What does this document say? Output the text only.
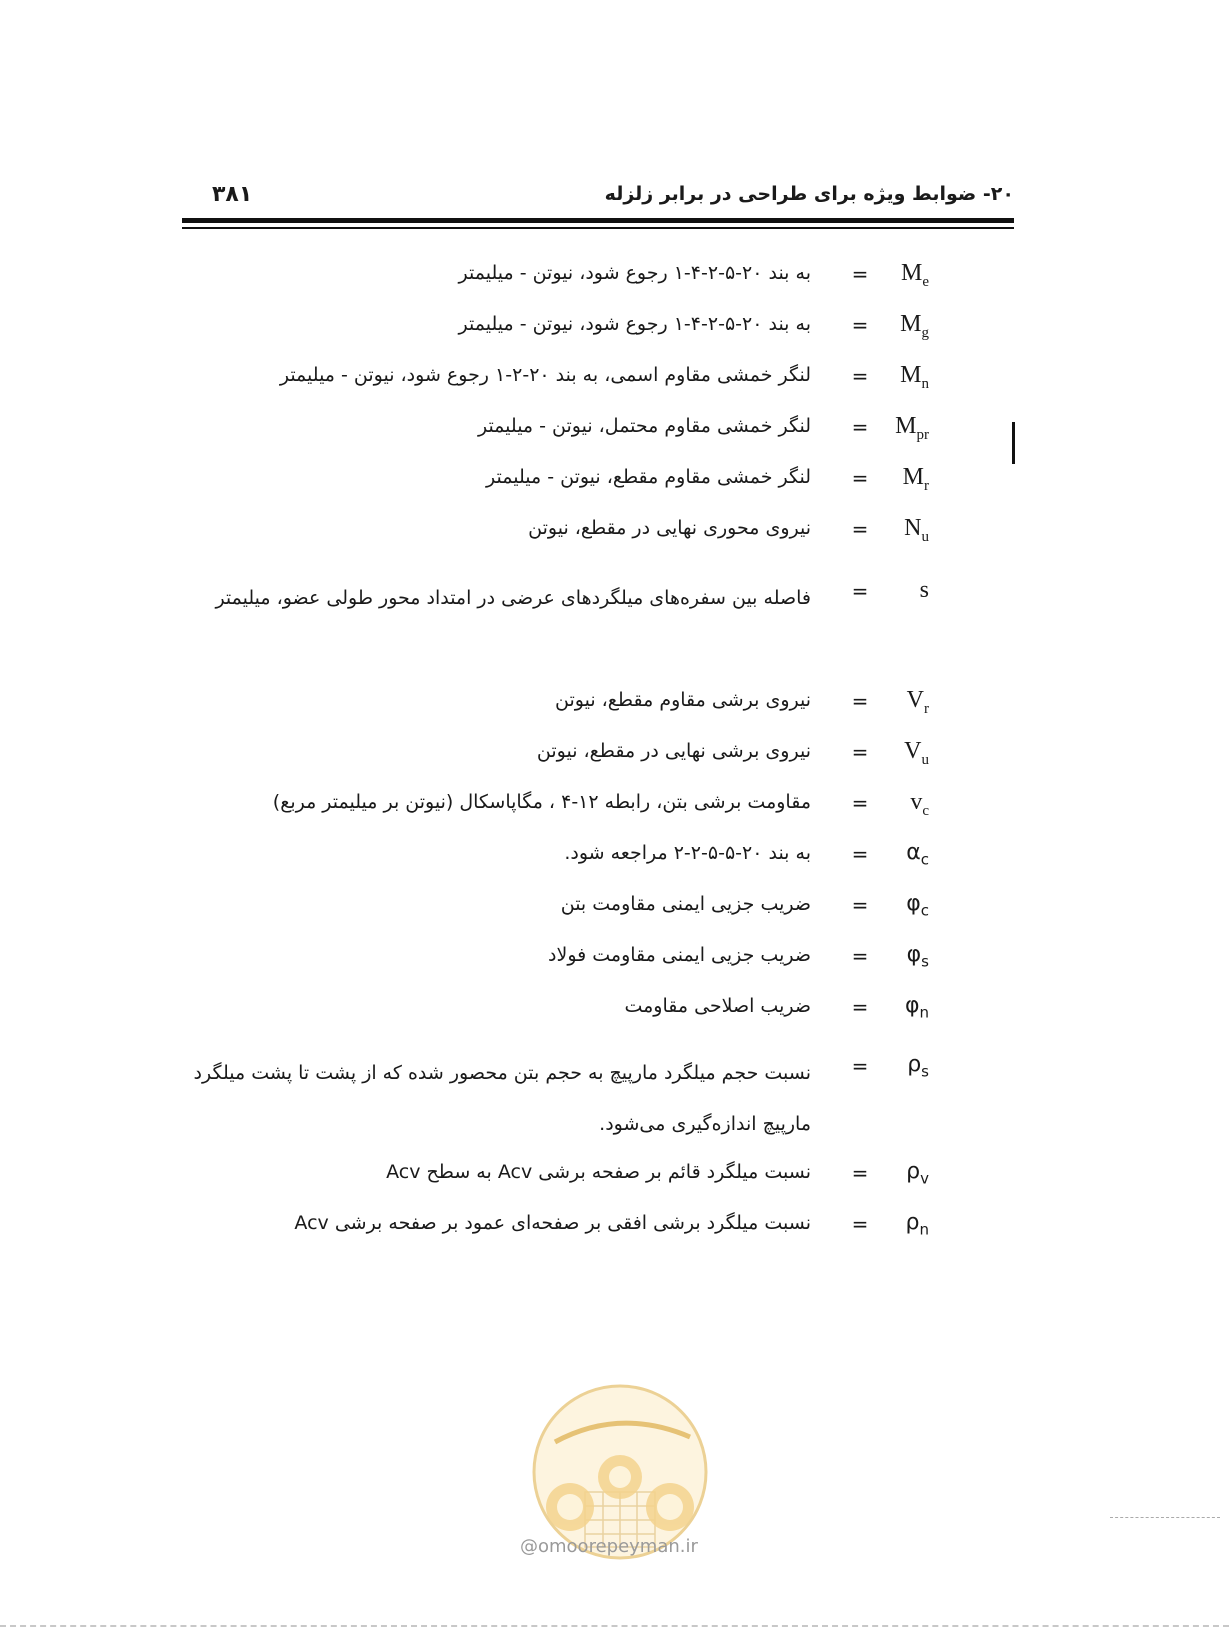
۳۸۱	۲۰- ضوابط ویژه برای طراحی در برابر زلزله
$M_e$
=
به بند ۲۰-۵-۲-۴-۱ رجوع شود، نیوتن - میلیمتر
$M_g$
=
به بند ۲۰-۵-۲-۴-۱ رجوع شود، نیوتن - میلیمتر
$M_n$
=
لنگر خمشی مقاوم اسمی، به بند ۲۰-۲-۱ رجوع شود، نیوتن - میلیمتر
$M_{pr}$
=
لنگر خمشی مقاوم محتمل، نیوتن - میلیمتر
$M_r$
=
لنگر خمشی مقاوم مقطع، نیوتن - میلیمتر
$N_u$
=
نیروی محوری نهایی در مقطع، نیوتن
s
=
فاصله بین سفره‌های میلگردهای عرضی در امتداد محور طولی عضو، میلیمتر
$V_r$
=
نیروی برشی مقاوم مقطع، نیوتن
$V_u$
=
نیروی برشی نهایی در مقطع، نیوتن
$v_c$
=
مقاومت برشی بتن، رابطه ۱۲-۴ ، مگاپاسکال (نیوتن بر میلیمتر مربع)
$\alpha_c$
=
به بند ۲۰-۵-۵-۲-۲ مراجعه شود.
$\varphi_c$
=
ضریب جزیی ایمنی مقاومت بتن
$\varphi_s$
=
ضریب جزیی ایمنی مقاومت فولاد
$\varphi_n$
=
ضریب اصلاحی مقاومت
$\rho_s$
=
نسبت حجم میلگرد مارپیچ به حجم بتن محصور شده که از پشت تا پشت میلگرد مارپیچ اندازه‌گیری می‌شود.
$\rho_v$
=
نسبت میلگرد قائم بر صفحه برشی Acv به سطح Acv
$\rho_n$
=
نسبت میلگرد برشی افقی بر صفحه‌ای عمود بر صفحه برشی Acv
@omoorepeyman.ir
